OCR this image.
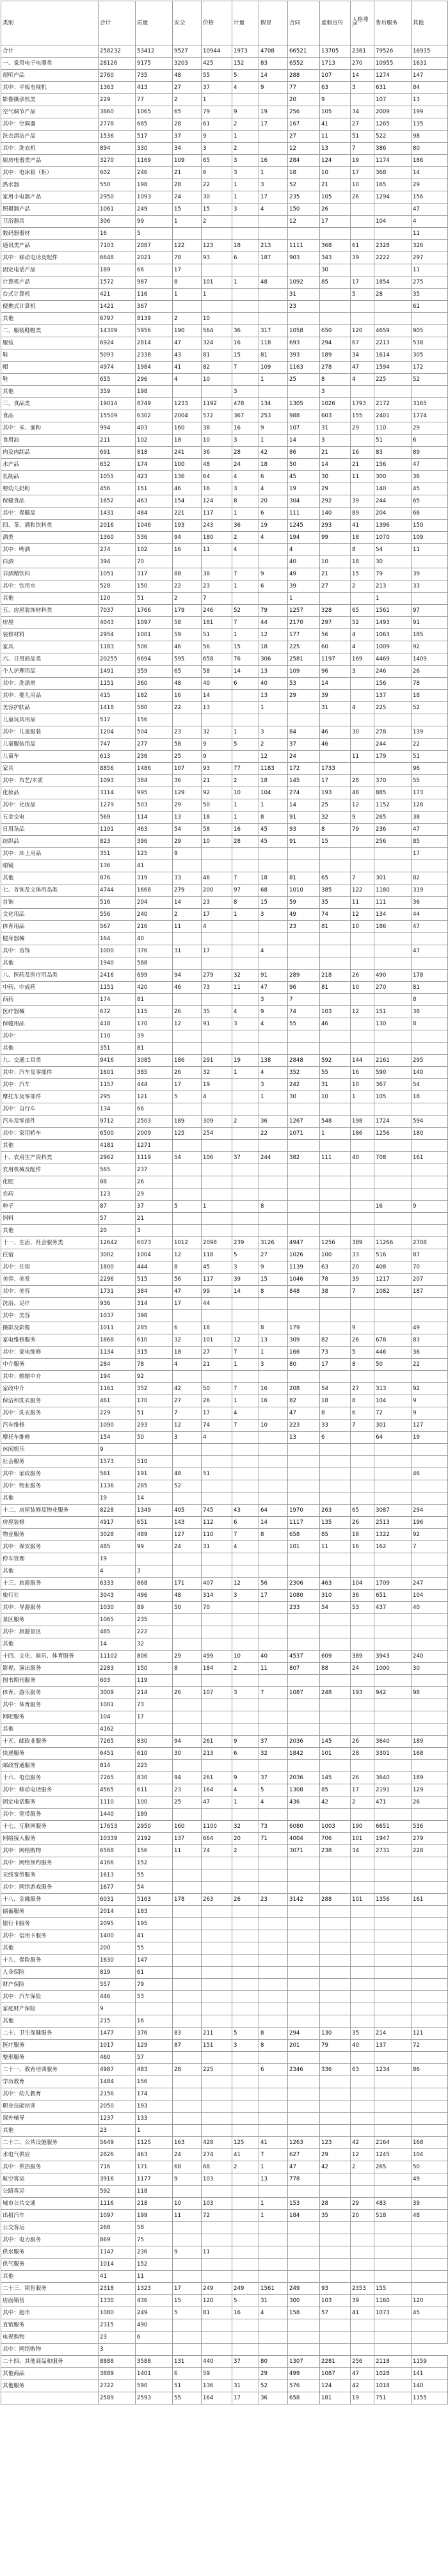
类别	合计	质量	安全	价格	计量	假冒	合同	虚假宣传	人格尊严	售后服务	其他
合计	258232	53412	9527	10944	1973	4708	66521	13705	2381	79526	16935
一、家用电子电器类	28126	9175	3203	425	152	83	6552	1713	270	10955	1631
视听产品	2760	735	48	55	5	14	288	107	14	1274	147
其中：平板电视机	1363	413	27	37	4	9	77	63	3	631	84
影像摄录机类	229	77	2	1			20	9		107	13
空气调节产品	3860	1065	65	79	9	19	256	105	34	2009	199
其中：空调器	2778	685	28	61	2	17	167	41	27	1265	135
洗衣清洁产品	1536	517	37	9	1		27	11	51	522	98
其中：洗衣机	894	330	34	3	2		12	13	7	386	80
厨房电器类产品	3270	1169	109	65	3	16	284	124	19	1174	186
其中：电冰箱（柜）	602	246	21	6	3	1	18	10	17	368	14
热水器	550	198	28	22	1	3	52	21	10	165	29
家用小电器产品	2950	1093	24	30	1	17	235	105	26	1294	156
照摄器产品	1061	249	15	15	3	4	150	26			47
卫浴器具	306	99	1	2			12	17		104	4
数码器器材	16	5									11
通讯类产品	7103	2087	122	123	18	213	1111	368	61	2328	326
其中：移动电话及配件	6648	2021	78	93	6	187	903	343	39	2222	297
固定电话产品	189	66	17					30			11
计算机产品	1572	987	8	101	1	48	1092	85	17	1854	275
台式计算机	421	116	1	1			31		5	28	35
便携式计算机	1421	367					23				61
其他	6797	8139	2	10							
二、服装鞋帽类	14309	5956	190	564	36	317	1058	650	120	4659	905
服装	6924	2814	47	324	16	118	693	294	67	2213	538
鞋	5093	2338	43	81	15	81	393	189	34	1614	305
帽	4974	1984	41	82	7	109	1163	278	47	1594	172
鞋	655	296	4	10		1	25	8	4	225	52
其他	359	198			3			3			
三、食品类	19014	8749	1233	1192	478	134	1305	1026	1793	2172	3165
食品	15509	6302	2004	572	367	253	988	603	155	2401	1774
其中：米、面粉	994	403	160	38	16	9	107	31	29	110	29
食用油	211	102	18	10	3	1	14	3		51	6
肉及肉制品	691	818	241	36	28	42	86	21	16	83	89
水产品	652	174	100	48	24	18	50	14	21	156	47
乳制品	1055	423	136	64	4	6	45	30	11	300	36
婴幼儿奶粉	456	151	46	16	3	4	19	29		140	45
保健食品	1652	463	154	124	8	20	304	292	39	244	65
其中：保健品	1431	484	221	117	1	6	111	140	89	204	66
四、茶、酒和饮料类	2016	1046	193	243	36	19	1245	293	41	1396	150
酒类	1360	536	94	180	2	4	194	99	18	1070	109
其中：啤酒	274	102	16	11	4		4		8	54	11
白酒	394	70					40	10	18	30	
非酒精饮料	1051	317	88	38	7	9	49	21	15	79	39
其中：饮用水	528	150	22	23	1	6	39	27	2	213	33
其他	120	51	2	7			1			1	
五、房屋装饰材料类	7037	1766	179	246	52	79	1257	328	65	1561	97
房屋	4043	1097	58	181	7	44	2170	297	52	1493	91
装修材料	2954	1001	59	51	1	12	177	56	4	1063	185
家具	1183	506	46	56	15	18	225	60	4	1009	92
六、日用商品类	20255	6694	595	658	76	306	2581	1197	169	4469	1409
个人护理用品	1491	359	65	58	14	13	109	96	3	246	26
其中：洗涤剂	1151	360	48	40	6	40	53	14		156	78
其中：婴儿用品	415	182	16	14		13	29	39		137	18
美容护肤品	1418	580	22	13		1		31	4	225	52
儿童玩具用品	517	156									
其中：儿童服装	1204	504	23	32	1	3	84	46	30	278	139
儿童服装用品	747	277	58	9	5	2	37	46		244	22
儿童车	613	236	25	9		12	24		11	179	51
家具	8856	1486	107	93	77	1183	172	1733			96
其中：布艺/木质	1093	384	36	21	2	18	145	17	28	370	55
化妆品	3114	995	129	92	10	104	274	193	48	885	173
其中：化妆品	1279	503	29	50	1	1	14	25	12	1152	128
五金交电	569	114	13	18	1	8	91	32	9	265	38
日用杂品	1101	463	54	58	16	45	93	8	79	236	47
纺织品	823	396	29	10	28	45	91	15		256	85
其中：床上用品	351	125	9								17
眼镜	136	41									
其他	876	319	33	46	7	18	81	65	7	301	82
七、首饰及文体用品类	4744	1668	279	200	97	68	1010	385	122	1180	319
首饰	516	204	14	23	8	15	59	35	11	111	36
文化用品	556	240	2	17	1	3	49	74	12	134	44
体育用品	567	216	11	4			23	81	10	186	47
健身器械	164	40									
其中：首饰	1000	376	31	17		4					47
其他	1940	588									
八、医药及医疗用品类	2416	699	94	279	32	91	289	218	26	490	178
中药、中成药	1151	420	46	73	11	47	96	81	10	270	81
西药	174	81				3	7				8
医疗器械	672	115	26	35	4	9	74	103	12	151	38
保健用品	418	170	12	91	3	4	55	46		130	8
其中：	110	39									
其他	351	81									
九、交通工具类	9416	3085	186	291	19	138	2848	592	144	2161	295
其中：汽车及零部件	1601	385	26	32	1	4	352	55	16	590	140
其中：汽车	1157	444	17	19		3	242	31	10	367	54
摩托车及零部件	295	121	5	4		1	30	10	1	105	18
其中：自行车	134	66									
汽车及零部件	9712	2503	189	309	2	36	1267	548	198	1724	594
其中：家用轿车	6500	2009	125	254		22	1071	1	186	1256	180
其他	4181	1271									
十、农用生产资料类	2962	1119	54	106	37	244	382	111	40	708	161
农用机械及配件	565	237									
化肥	88	26									
农药	123	29									
种子	87	37	5	1		8				16	9
饲料	57	21									
其他	20	3									
十一、生活、社会服务类	12642	6073	1012	2098	239	3126	4947	1256	389	11266	2708
住宿	3002	1004	12	118	5	27	1026	100	33	516	87
其中：住宿	1800	444	8	45	3	9	1139	63	20	408	70
美容、美发	2296	515	56	117	39	15	1046	78	39	1217	207
其中：美容	1731	384	47	99	14	8	848	38	7	1082	187
洗浴、足疗	936	314	17	44							
其中：美容	1037	398									
摄影及影像	1011	285	6	18		8	179		9		49
家电维修服务	1868	610	32	101	12	13	309	82	26	678	83
其中：家电维修	1134	315	18	27	7	1	166	73	5	446	36
中介服务	284	78	4	21	1	3	80	17	8	50	22
其中：婚姻中介	194	92									
家政中介	1161	352	42	50	7	16	208	54	27	313	92
保洁和洗衣服务	461	170	27	26	1	16	82	18	8	104	9
其中：洗衣服务	229	51	7	17	4		47	8	6	72	9
汽车维修	1090	293	12	74	7	10	223	33	7	301	127
摩托车维修	154	50	3	4			13	6		64	19
休闲娱乐	9										
社会服务	1573	510									
其中：家政服务	561	191	48	51							46
其中：物业服务	1136	285	52								
其他	19	14									
十二、房屋装修及物业服务	8228	1349	405	745	43	64	1970	263	65	3087	294
房屋装修	4917	651	143	112	6	14	1117	135	26	2513	196
物业服务	3028	489	127	110	7	8	658	85	18	1322	92
其中：保安服务	485	99	24	31	4		101	11	16	162	7
停车管理	19										
其他	4	3									
十三、旅游服务	6333	868	171	407	12	56	2306	463	104	1709	247
旅行社	3043	496	48	314	3	17	1080	310	36	651	104
其中：导游服务	1030	89	50	70			233	54	53	437	40
景区服务	1065	235									
其中：旅游景区	485	222									
其他	14	32									
十四、文化、娱乐、体育服务	11102	806	29	499	10	40	4537	609	389	3943	240
影视、演出服务	2283	150	8	184	2	11	807	88	24	1000	30
图书期刊服务	603	119									
体育、游乐服务	3009	214	26	107	3	7	1087	248	193	942	98
其中：体育服务	1001	73									
网吧服务	104	17									
其他	4162										
十五、邮政业服务	7265	830	94	261	9	37	2036	145	26	3640	189
快递服务	6451	610	30	213	6	32	1842	101	28	3301	168
邮政普通服务	814	225									
十六、电信服务	7265	830	94	261	9	37	2036	145	26	3640	189
其中：移动电话服务	4565	611	23	164	4	5	1308	85	17	2191	129
固定电话服务	1110	100	25	47	1	4	436	42	2	471	26
其中：宽带服务	1440	189									
十七、互联网服务	17653	2950	160	1100	32	73	6080	1003	190	6651	536
网络接入服务	10339	2192	137	664	20	71	4004	706	101	1947	279
其中：网络购物	6568	156	11	74	2		3071	238	34	2731	228
其中：网络预约服务	4166	152									
无线宽带服务	1613	55									
其中：网络游戏服务	1677	54									
十八、金融服务	6031	5163	178	263	26	23	3142	288	101	1356	161
储蓄服务	2014	183									
银行卡服务	2095	195									
其中：信用卡服务	1400	41									
其他	200	55									
十九、保险服务	1630	147									
人身保险	819	61									
财产保险	557	79									
其中：汽车保险	446	53									
家庭财产保险	9										
其他	215	16									
二十、卫生保健服务	1477	376	83	211	5	8	294	130	35	214	121
医疗服务	1017	129	87	151	3	8	201	79	40	137	72
整形服务	460	57									
二十一、教育培训服务	4987	483	28	225		6	2346	336	63	1234	86
学历教育	1484	156									
其中：幼儿教育	2156	174									
职业技能培训	2050	193									
课外辅导	1237	133									
其他	23	1									
二十二、公共设施服务	5649	1125	163	428	125	41	1263	123	42	2164	168
水电气供应	2826	463	24	274	41	7	627	29	12	1245	104
其中：供热服务	716	171	68	68	2	1	47	42	2	265	50
航空客运	3916	1177	9	103		13	778				49
公路客运	592	118									
城市公共交通	1116	218	10	103		1	153	28	29	483	39
出租汽车	1097	199	11	72		1	184	35	20	518	48
公交客运	268	58									
其中：电力服务	869	75									
供水服务	1147	236	9	11							
供气服务	1014	152									
其他	41	11									
二十三、销售服务	2318	1323	17	249	249	1561	249	93	2353	155	
店面销售	1330	436	15	120	5	31	300	103	39	1160	120
其中：超市	1080	249	5	81	16	4	158	57	41	1073	45
直销服务	2315	490									
电视购物	23	6									
其中：网络购物	3										
二十四、其他商品和服务	8888	3588	131	440	37	80	1307	2281	256	2118	1159
其他商品	3889	1401	6	59		29	499	1087	47	1028	141
其他服务	2722	590	51	136	31	52	576	124	42	1018	140
	2589	2593	55	164	17	36	658	181	19	751	1155
